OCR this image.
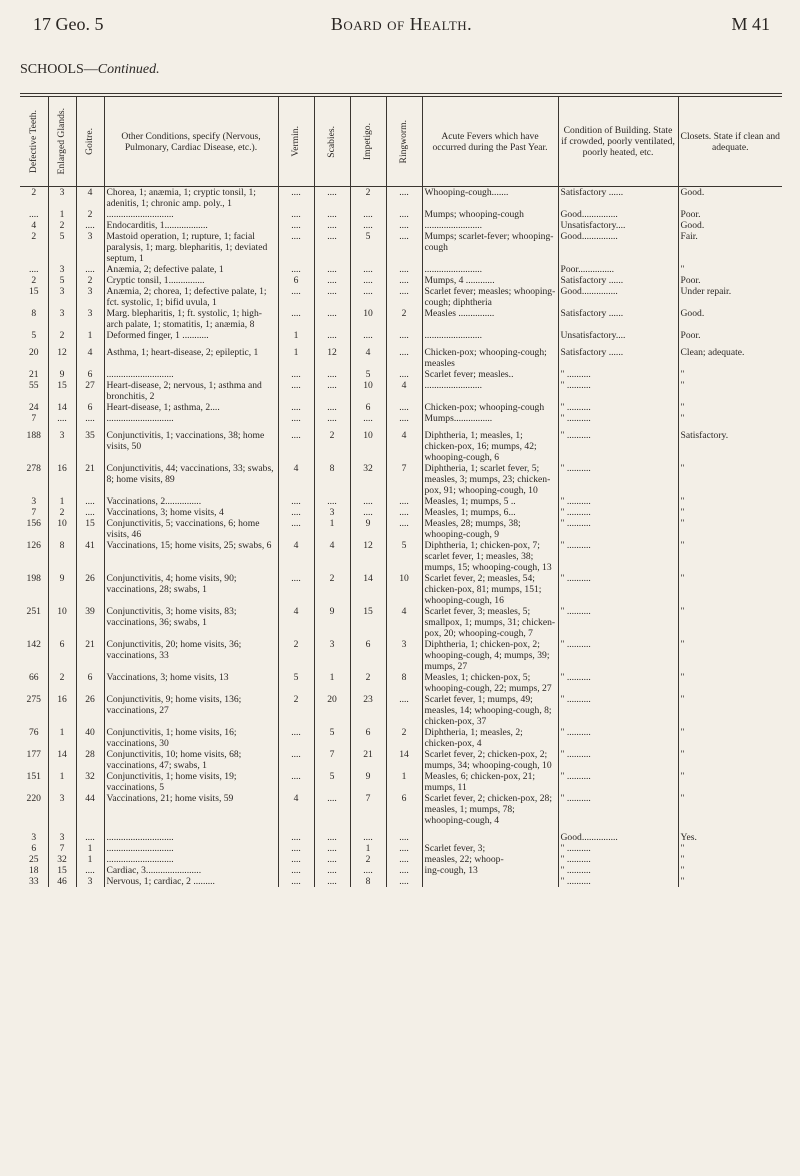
17 Geo. 5	Board of Health.	M 41
SCHOOLS—Continued.
Defective Teeth.	Enlarged Glands.	Goitre.	Other Conditions, specify (Nervous, Pulmonary, Cardiac Disease, etc.).	Vermin.	Scabies.	Impetigo.	Ringworm.	Acute Fevers which have occurred during the Past Year.	Condition of Building. State if crowded, poorly ventilated, poorly heated, etc.	Closets. State if clean and adequate.
2	3	4	Chorea, 1; anæmia, 1; cryptic tonsil, 1; adenitis, 1; chronic amp. poly., 1	....	....	2	....	Whooping-cough.......	Satisfactory ......	Good.
....	1	2	............................	....	....	....	....	Mumps; whooping-cough	Good...............	Poor.
4	2	....	Endocarditis, 1..................	....	....	....	....	........................	Unsatisfactory....	Good.
2	5	3	Mastoid operation, 1; rupture, 1; facial paralysis, 1; marg. blepharitis, 1; deviated septum, 1	....	....	5	....	Mumps; scarlet-fever; whooping-cough	Good...............	Fair.
....	3	....	Anæmia, 2; defective palate, 1	....	....	....	....	........................	Poor...............	"
2	5	2	Cryptic tonsil, 1...............	6	....	....	....	Mumps, 4 ............	Satisfactory ......	Poor.
15	3	3	Anæmia, 2; chorea, 1; defective palate, 1; fct. systolic, 1; bifid uvula, 1	....	....	....	....	Scarlet fever; measles; whooping-cough; diphtheria	Good...............	Under repair.
8	3	3	Marg. blepharitis, 1; ft. systolic, 1; high-arch palate, 1; stomatitis, 1; anæmia, 8	....	....	10	2	Measles ...............	Satisfactory ......	Good.
5	2	1	Deformed finger, 1 ...........	1	....	....	....	........................	Unsatisfactory....	Poor.
20	12	4	Asthma, 1; heart-disease, 2; epileptic, 1	1	12	4	....	Chicken-pox; whooping-cough; measles	Satisfactory ......	Clean; adequate.
21	9	6	............................	....	....	5	....	Scarlet fever; measles..	" ..........	"
55	15	27	Heart-disease, 2; nervous, 1; asthma and bronchitis, 2	....	....	10	4	........................	" ..........	"
24	14	6	Heart-disease, 1; asthma, 2....	....	....	6	....	Chicken-pox; whooping-cough	" ..........	"
7	....	....	............................	....	....	....	....	Mumps................	" ..........	"
188	3	35	Conjunctivitis, 1; vaccinations, 38; home visits, 50	....	2	10	4	Diphtheria, 1; measles, 1; chicken-pox, 16; mumps, 42; whooping-cough, 6	" ..........	Satisfactory.
278	16	21	Conjunctivitis, 44; vaccinations, 33; swabs, 8; home visits, 89	4	8	32	7	Diphtheria, 1; scarlet fever, 5; measles, 3; mumps, 23; chicken-pox, 91; whooping-cough, 10	" ..........	"
3	1	....	Vaccinations, 2...............	....	....	....	....	Measles, 1; mumps, 5 ..	" ..........	"
7	2	....	Vaccinations, 3; home visits, 4	....	3	....	....	Measles, 1; mumps, 6...	" ..........	"
156	10	15	Conjunctivitis, 5; vaccinations, 6; home visits, 46	....	1	9	....	Measles, 28; mumps, 38; whooping-cough, 9	" ..........	"
126	8	41	Vaccinations, 15; home visits, 25; swabs, 6	4	4	12	5	Diphtheria, 1; chicken-pox, 7; scarlet fever, 1; measles, 38; mumps, 15; whooping-cough, 13	" ..........	"
198	9	26	Conjunctivitis, 4; home visits, 90; vaccinations, 28; swabs, 1	....	2	14	10	Scarlet fever, 2; measles, 54; chicken-pox, 81; mumps, 151; whooping-cough, 16	" ..........	"
251	10	39	Conjunctivitis, 3; home visits, 83; vaccinations, 36; swabs, 1	4	9	15	4	Scarlet fever, 3; measles, 5; smallpox, 1; mumps, 31; chicken-pox, 20; whooping-cough, 7	" ..........	"
142	6	21	Conjunctivitis, 20; home visits, 36; vaccinations, 33	2	3	6	3	Diphtheria, 1; chicken-pox, 2; whooping-cough, 4; mumps, 39; mumps, 27	" ..........	"
66	2	6	Vaccinations, 3; home visits, 13	5	1	2	8	Measles, 1; chicken-pox, 5; whooping-cough, 22; mumps, 27	" ..........	"
275	16	26	Conjunctivitis, 9; home visits, 136; vaccinations, 27	2	20	23	....	Scarlet fever, 1; mumps, 49; measles, 14; whooping-cough, 8; chicken-pox, 37	" ..........	"
76	1	40	Conjunctivitis, 1; home visits, 16; vaccinations, 30	....	5	6	2	Diphtheria, 1; measles, 2; chicken-pox, 4	" ..........	"
177	14	28	Conjunctivitis, 10; home visits, 68; vaccinations, 47; swabs, 1	....	7	21	14	Scarlet fever, 2; chicken-pox, 2; mumps, 34; whooping-cough, 10	" ..........	"
151	1	32	Conjunctivitis, 1; home visits, 19; vaccinations, 5	....	5	9	1	Measles, 6; chicken-pox, 21; mumps, 11	" ..........	"
220	3	44	Vaccinations, 21; home visits, 59	4	....	7	6	Scarlet fever, 2; chicken-pox, 28; measles, 1; mumps, 78; whooping-cough, 4	" ..........	"
3	3	....	............................	....	....	....	....		Good...............	Yes.
6	7	1	............................	....	....	1	....	Scarlet fever, 3;	" ..........	"
25	32	1	............................	....	....	2	....	measles, 22; whoop-	" ..........	"
18	15	....	Cardiac, 3.......................	....	....	....	....	ing-cough, 13	" ..........	"
33	46	3	Nervous, 1; cardiac, 2 .........	....	....	8	....		" ..........	"
